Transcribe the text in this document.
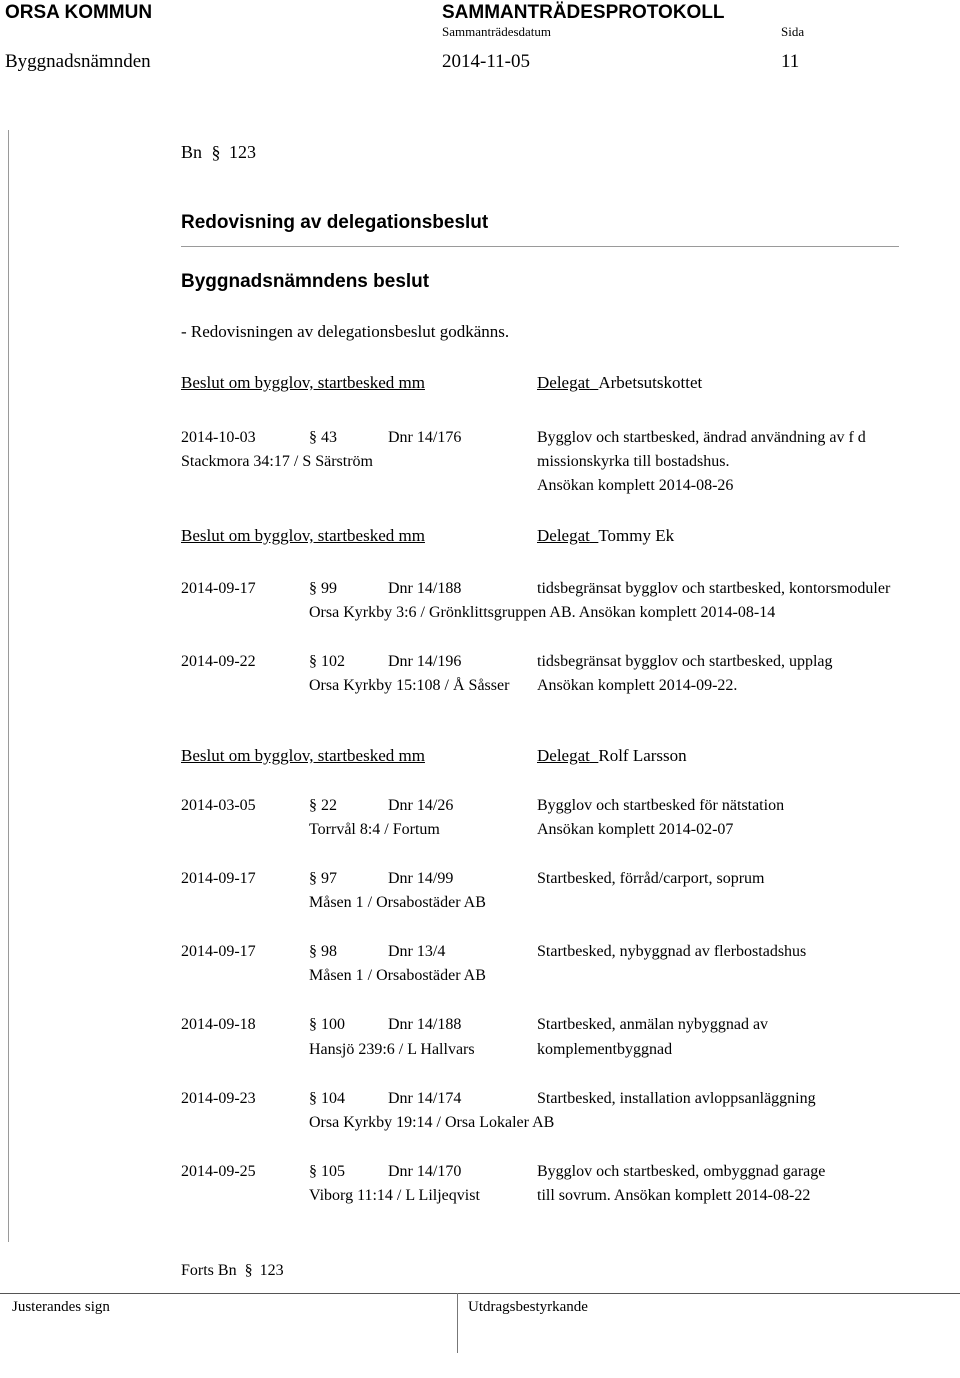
ORSA KOMMUN	SAMMANTRÄDESPROTOKOLL
Sammanträdesdatum	Sida
Byggnadsnämnden	2014-11-05	11
Bn § 123
Redovisning av delegationsbeslut
Byggnadsnämndens beslut
- Redovisningen av delegationsbeslut godkänns.
Beslut om bygglov, startbesked mm	Delegat Arbetsutskottet
2014-10-03	§ 43	Dnr 14/176	Bygglov och startbesked, ändrad användning av f d
Stackmora 34:17 / S Särström	missionskyrka till bostadshus.
Ansökan komplett 2014-08-26
Beslut om bygglov, startbesked mm	Delegat Tommy Ek
2014-09-17	§ 99	Dnr 14/188	tidsbegränsat bygglov och startbesked, kontorsmoduler
Orsa Kyrkby 3:6 / Grönklittsgruppen AB. Ansökan komplett 2014-08-14
2014-09-22	§ 102	Dnr 14/196	tidsbegränsat bygglov och startbesked, upplag
Orsa Kyrkby 15:108 / Å Såsser Ansökan komplett 2014-09-22.
Beslut om bygglov, startbesked mm	Delegat Rolf Larsson
2014-03-05	§ 22	Dnr 14/26	Bygglov och startbesked för nätstation
Torrvål 8:4 / Fortum	Ansökan komplett 2014-02-07
2014-09-17	§ 97	Dnr 14/99	Startbesked, förråd/carport, soprum
Måsen 1 / Orsabostäder AB
2014-09-17	§ 98	Dnr 13/4	Startbesked, nybyggnad av flerbostadshus
Måsen 1 / Orsabostäder AB
2014-09-18	§ 100	Dnr 14/188	Startbesked, anmälan nybyggnad av
Hansjö 239:6 / L Hallvars	komplementbyggnad
2014-09-23	§ 104	Dnr 14/174	Startbesked, installation avloppsanläggning
Orsa Kyrkby 19:14 / Orsa Lokaler AB
2014-09-25	§ 105	Dnr 14/170	Bygglov och startbesked, ombyggnad garage
Viborg 11:14 / L Liljeqvist	till sovrum. Ansökan komplett 2014-08-22
Forts Bn § 123
Justerandes sign	Utdragsbestyrkande
